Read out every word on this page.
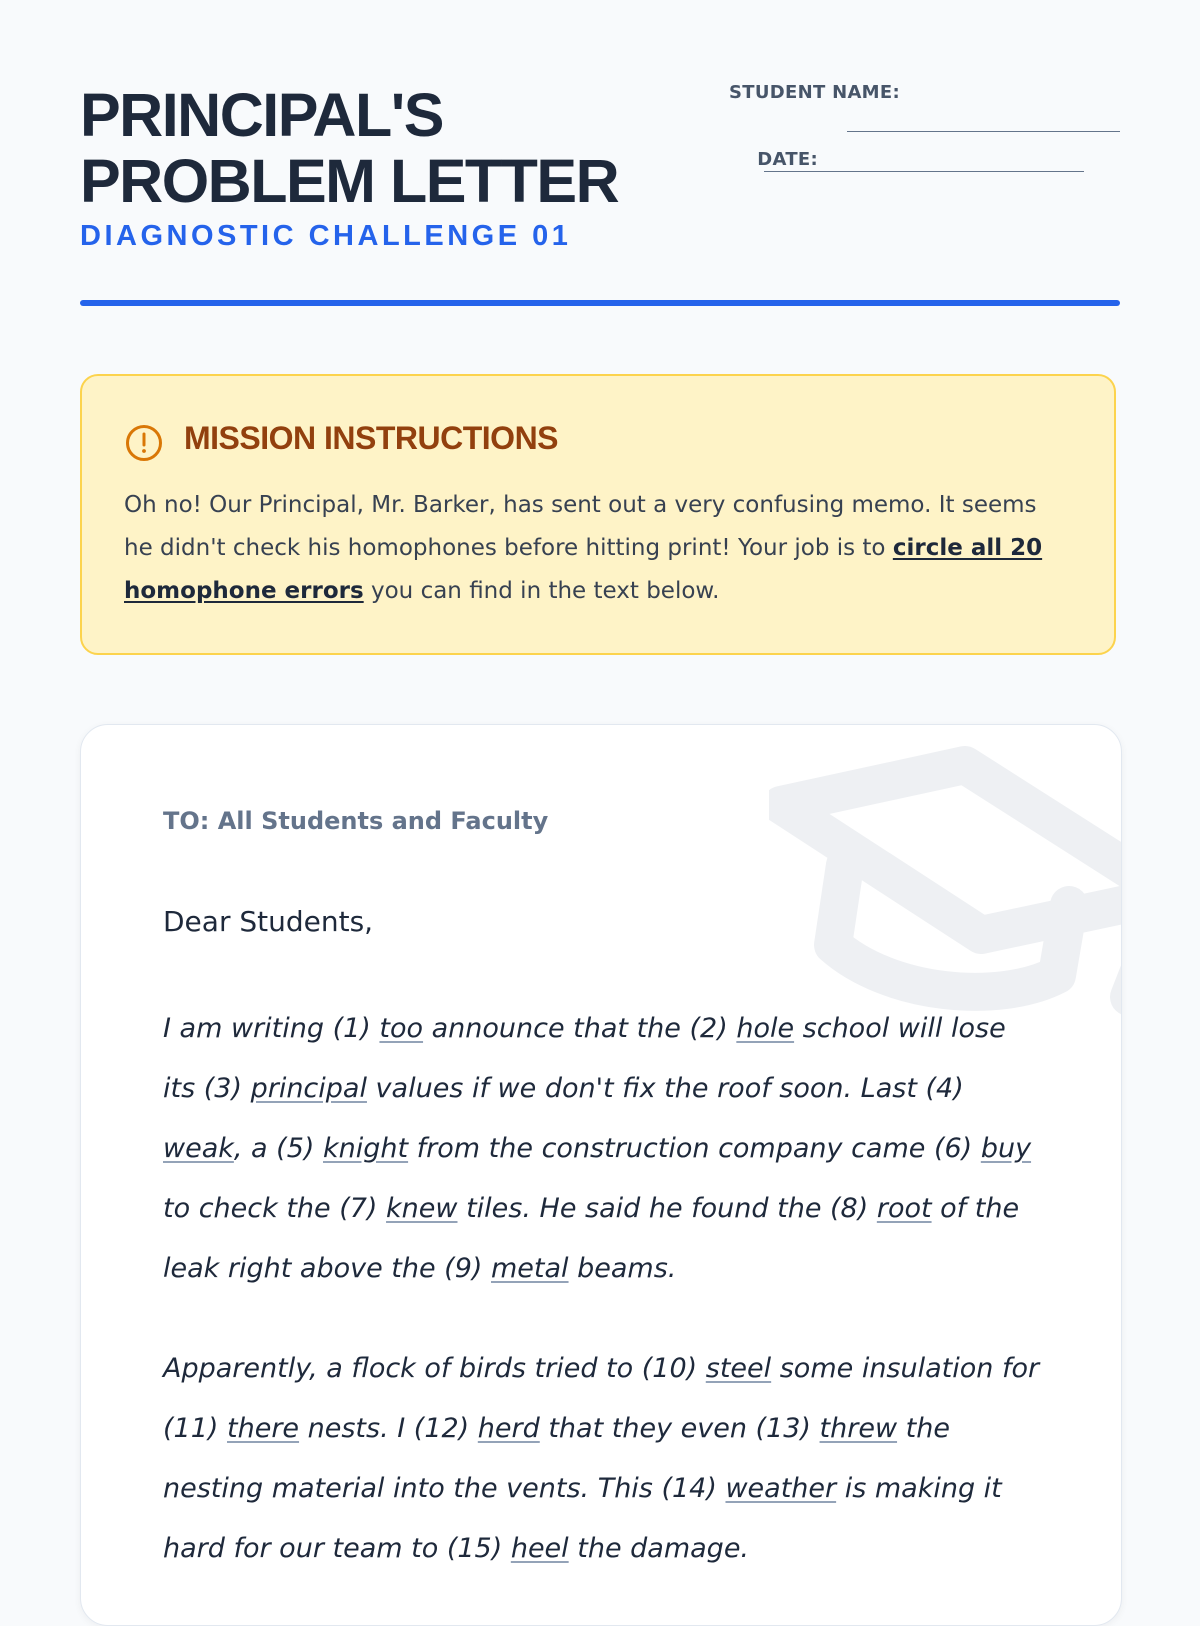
PRINCIPAL'S
PROBLEM LETTER
DIAGNOSTIC CHALLENGE 01
STUDENT NAME:
DATE:
MISSION INSTRUCTIONS
Oh no! Our Principal, Mr. Barker, has sent out a very confusing memo. It seems he didn't check his homophones before hitting print! Your job is to circle all 20 homophone errors you can find in the text below.
TO: All Students and Faculty
Dear Students,

I am writing (1) too announce that the (2) hole school will lose its (3) principal values if we don't fix the roof soon. Last (4) weak, a (5) knight from the construction company came (6) buy to check the (7) knew tiles. He said he found the (8) root of the leak right above the (9) metal beams.

Apparently, a flock of birds tried to (10) steel some insulation for (11) there nests. I (12) herd that they even (13) threw the nesting material into the vents. This (14) weather is making it hard for our team to (15) heel the damage.
